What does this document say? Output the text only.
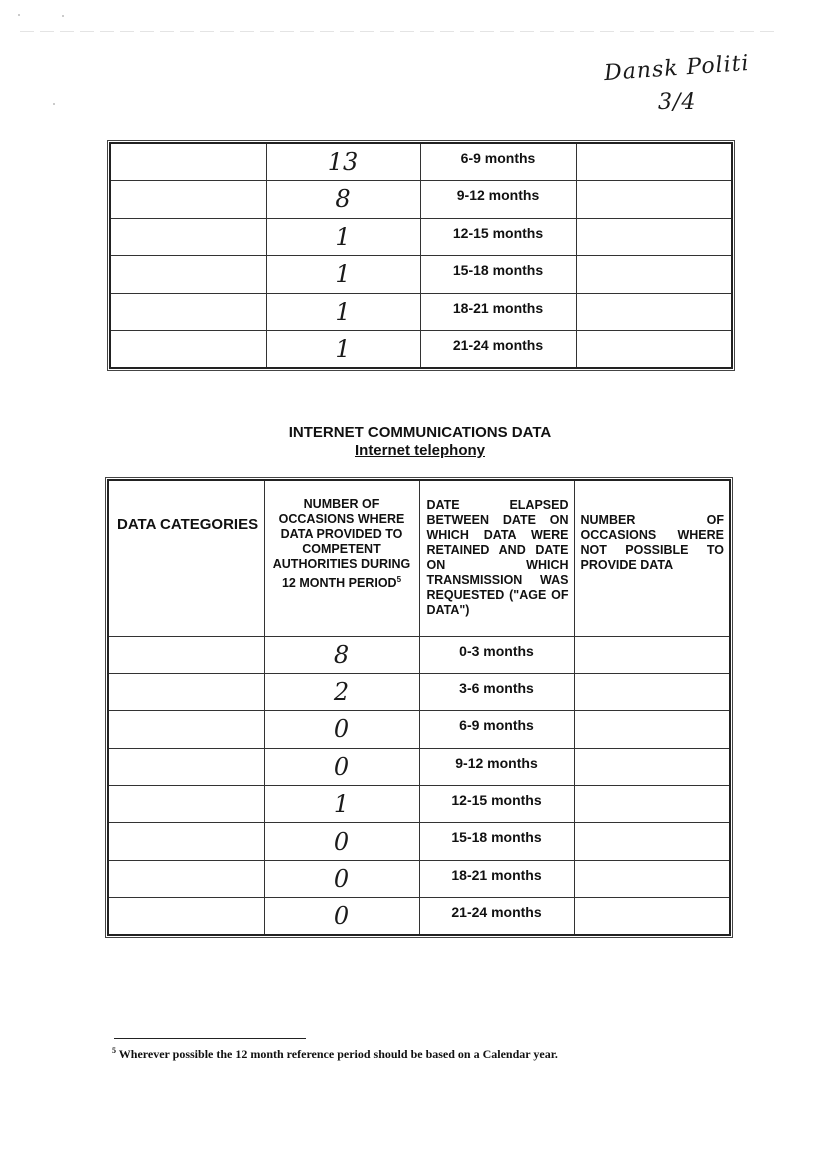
Dansk Politi
3/4
	13	6-9 months	
	8	9-12 months	
	1	12-15 months	
	1	15-18 months	
	1	18-21 months	
	1	21-24 months	
INTERNET COMMUNICATIONS DATA
Internet telephony
DATA CATEGORIES	NUMBER OF OCCASIONS WHERE DATA PROVIDED TO COMPETENT AUTHORITIES DURING 12 MONTH PERIOD$^5$	DATE ELAPSED BETWEEN DATE ON WHICH DATA WERE RETAINED AND DATE ON WHICH TRANSMISSION WAS REQUESTED ("AGE OF DATA")	NUMBER OF OCCASIONS WHERE NOT POSSIBLE TO PROVIDE DATA
	8	0-3 months	
	2	3-6 months	
	0	6-9 months	
	0	9-12 months	
	1	12-15 months	
	0	15-18 months	
	0	18-21 months	
	0	21-24 months	
$^5$ Wherever possible the 12 month reference period should be based on a Calendar year.
